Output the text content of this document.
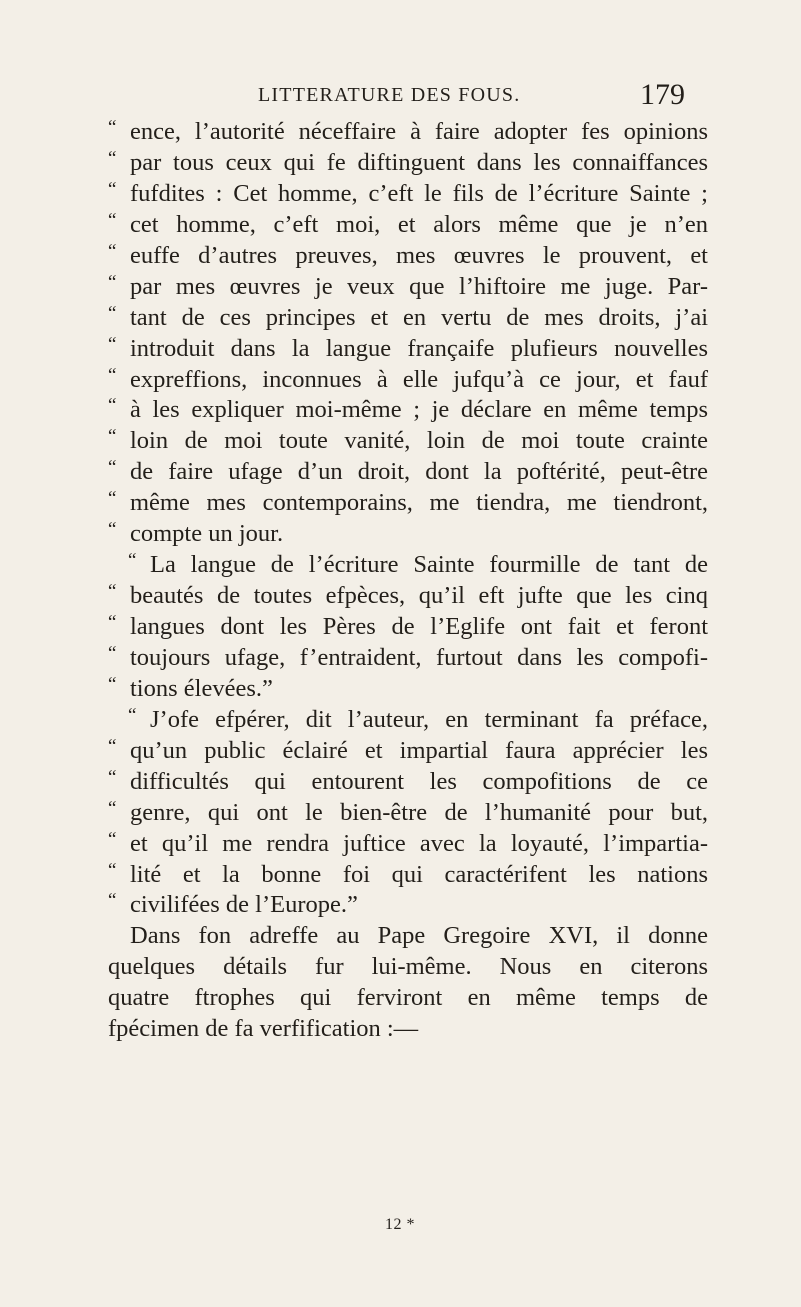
LITTERATURE DES FOUS.	179
“ ence, l’autorité néceffaire à faire adopter fes opinions
“ par tous ceux qui fe diftinguent dans les connaiffances
“ fufdites : Cet homme, c’eft le fils de l’écriture Sainte ;
“ cet homme, c’eft moi, et alors même que je n’en
“ euffe d’autres preuves, mes œuvres le prouvent, et
“ par mes œuvres je veux que l’hiftoire me juge. Par-
“ tant de ces principes et en vertu de mes droits, j’ai
“ introduit dans la langue françaife plufieurs nouvelles
“ expreffions, inconnues à elle jufqu’à ce jour, et fauf
“ à les expliquer moi-même ; je déclare en même temps
“ loin de moi toute vanité, loin de moi toute crainte
“ de faire ufage d’un droit, dont la poftérité, peut-être
“ même mes contemporains, me tiendra, me tiendront,
“ compte un jour.
“ La langue de l’écriture Sainte fourmille de tant de
“ beautés de toutes efpèces, qu’il eft jufte que les cinq
“ langues dont les Pères de l’Eglife ont fait et feront
“ toujours ufage, f’entraident, furtout dans les compofi-
“ tions élevées.”
“ J’ofe efpérer, dit l’auteur, en terminant fa préface,
“ qu’un public éclairé et impartial faura apprécier les
“ difficultés qui entourent les compofitions de ce
“ genre, qui ont le bien-être de l’humanité pour but,
“ et qu’il me rendra juftice avec la loyauté, l’impartia-
“ lité et la bonne foi qui caractérifent les nations
“ civilifées de l’Europe.”
Dans fon adreffe au Pape Gregoire XVI, il donne
quelques détails fur lui-même. Nous en citerons
quatre ftrophes qui ferviront en même temps de
fpécimen de fa verfification :—
12 *
